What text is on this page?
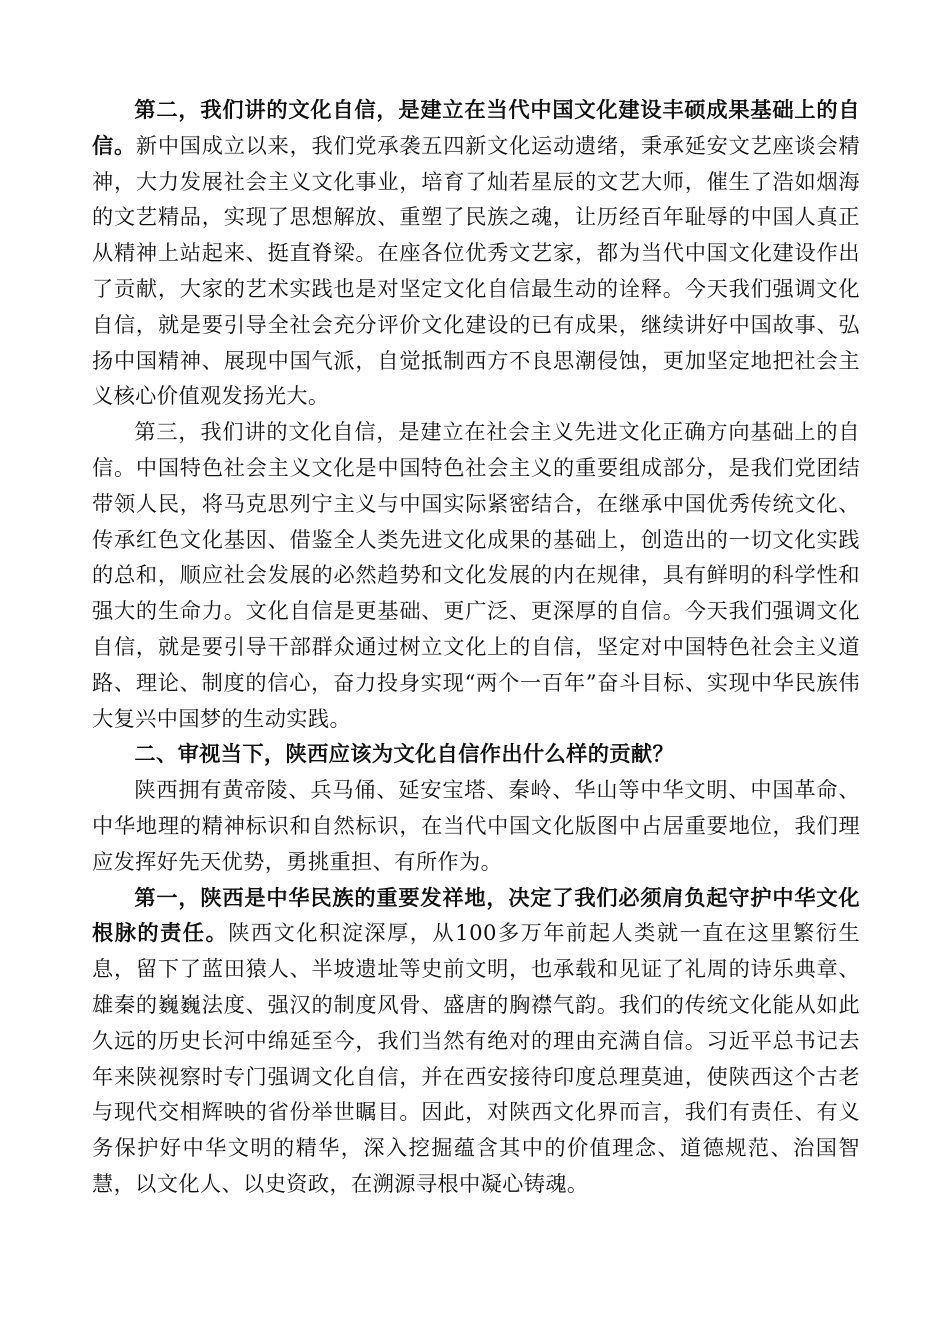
第二，我们讲的文化自信，是建立在当代中国文化建设丰硕成果基础上的自信。新中国成立以来，我们党承袭五四新文化运动遗绪，秉承延安文艺座谈会精神，大力发展社会主义文化事业，培育了灿若星辰的文艺大师，催生了浩如烟海的文艺精品，实现了思想解放、重塑了民族之魂，让历经百年耻辱的中国人真正从精神上站起来、挺直脊梁。在座各位优秀文艺家，都为当代中国文化建设作出了贡献，大家的艺术实践也是对坚定文化自信最生动的诠释。今天我们强调文化自信，就是要引导全社会充分评价文化建设的已有成果，继续讲好中国故事、弘扬中国精神、展现中国气派，自觉抵制西方不良思潮侵蚀，更加坚定地把社会主义核心价值观发扬光大。

第三，我们讲的文化自信，是建立在社会主义先进文化正确方向基础上的自信。中国特色社会主义文化是中国特色社会主义的重要组成部分，是我们党团结带领人民，将马克思列宁主义与中国实际紧密结合，在继承中国优秀传统文化、传承红色文化基因、借鉴全人类先进文化成果的基础上，创造出的一切文化实践的总和，顺应社会发展的必然趋势和文化发展的内在规律，具有鲜明的科学性和强大的生命力。文化自信是更基础、更广泛、更深厚的自信。今天我们强调文化自信，就是要引导干部群众通过树立文化上的自信，坚定对中国特色社会主义道路、理论、制度的信心，奋力投身实现“两个一百年”奋斗目标、实现中华民族伟大复兴中国梦的生动实践。

二、审视当下，陕西应该为文化自信作出什么样的贡献？

陕西拥有黄帝陵、兵马俑、延安宝塔、秦岭、华山等中华文明、中国革命、中华地理的精神标识和自然标识，在当代中国文化版图中占居重要地位，我们理应发挥好先天优势，勇挑重担、有所作为。

第一，陕西是中华民族的重要发祥地，决定了我们必须肩负起守护中华文化根脉的责任。陕西文化积淀深厚，从100多万年前起人类就一直在这里繁衍生息，留下了蓝田猿人、半坡遗址等史前文明，也承载和见证了礼周的诗乐典章、雄秦的巍巍法度、强汉的制度风骨、盛唐的胸襟气韵。我们的传统文化能从如此久远的历史长河中绵延至今，我们当然有绝对的理由充满自信。习近平总书记去年来陕视察时专门强调文化自信，并在西安接待印度总理莫迪，使陕西这个古老与现代交相辉映的省份举世瞩目。因此，对陕西文化界而言，我们有责任、有义务保护好中华文明的精华，深入挖掘蕴含其中的价值理念、道德规范、治国智慧，以文化人、以史资政，在溯源寻根中凝心铸魂。
